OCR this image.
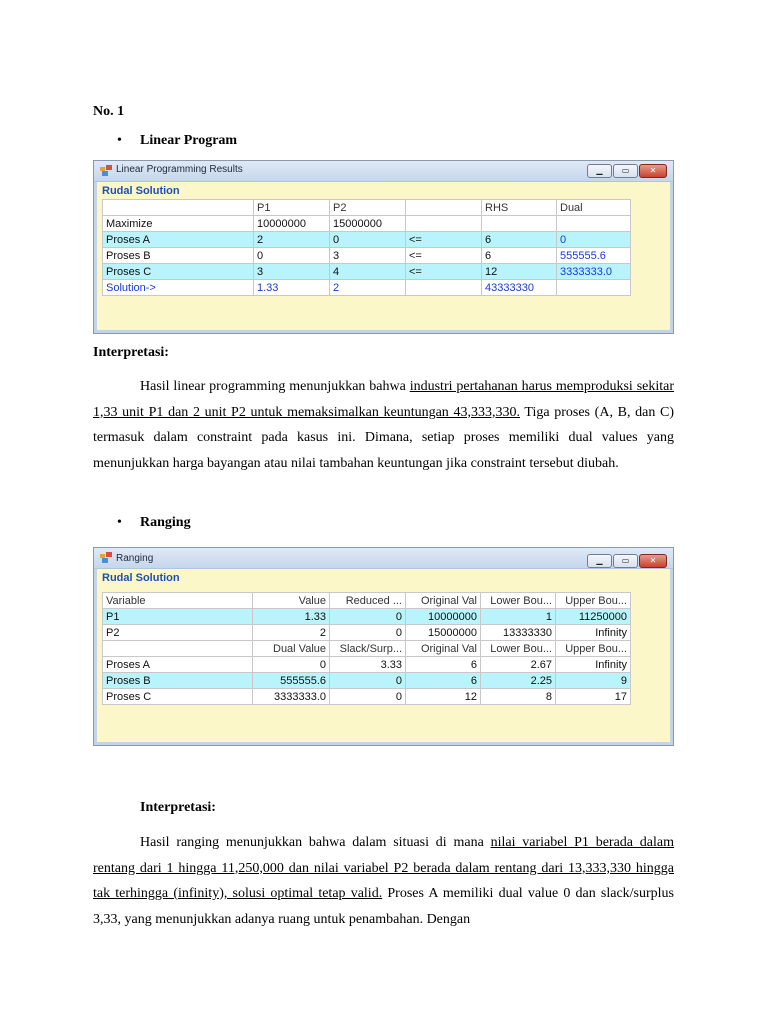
No. 1
• Linear Program
Linear Programming Results	▁	▭	✕
Rudal Solution
	P1	P2		RHS	Dual
Maximize	10000000	15000000			
Proses A	2	0	<=	6	0
Proses B	0	3	<=	6	555555.6
Proses C	3	4	<=	12	3333333.0
Solution->	1.33	2		43333330	
Interpretasi:
Hasil linear programming menunjukkan bahwa industri pertahanan harus memproduksi sekitar 1,33 unit P1 dan 2 unit P2 untuk memaksimalkan keuntungan 43,333,330. Tiga proses (A, B, dan C) termasuk dalam constraint pada kasus ini. Dimana, setiap proses memiliki dual values yang menunjukkan harga bayangan atau nilai tambahan keuntungan jika constraint tersebut diubah.
• Ranging
Ranging	▁	▭	✕
Rudal Solution
Variable	Value	Reduced ...	Original Val	Lower Bou...	Upper Bou...
P1	1.33	0	10000000	1	11250000
P2	2	0	15000000	13333330	Infinity
	Dual Value	Slack/Surp...	Original Val	Lower Bou...	Upper Bou...
Proses A	0	3.33	6	2.67	Infinity
Proses B	555555.6	0	6	2.25	9
Proses C	3333333.0	0	12	8	17
Interpretasi:
Hasil ranging menunjukkan bahwa dalam situasi di mana nilai variabel P1 berada dalam rentang dari 1 hingga 11,250,000 dan nilai variabel P2 berada dalam rentang dari 13,333,330 hingga tak terhingga (infinity), solusi optimal tetap valid. Proses A memiliki dual value 0 dan slack/surplus 3,33, yang menunjukkan adanya ruang untuk penambahan. Dengan
